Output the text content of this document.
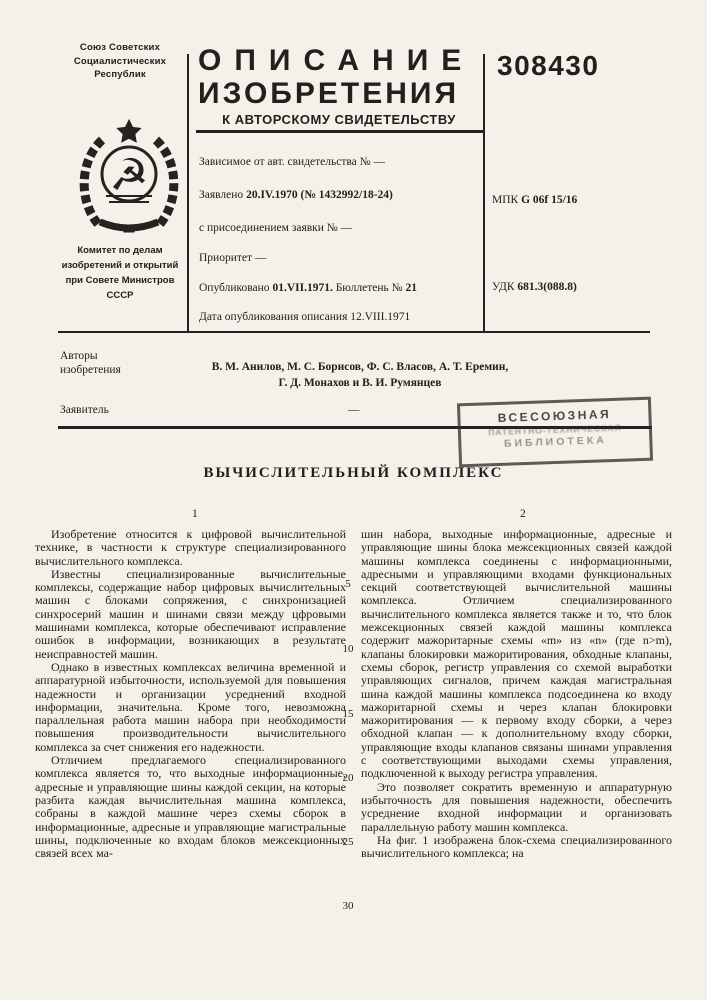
Союз Советских
Социалистических
Республик
☭
Комитет по делам
изобретений и открытий
при Совете Министров
СССР
ОПИСАНИЕ
ИЗОБРЕТЕНИЯ
К АВТОРСКОМУ СВИДЕТЕЛЬСТВУ
Зависимое от авт. свидетельства № —
Заявлено 20.IV.1970 (№ 1432992/18-24)
с присоединением заявки № —
Приоритет —
Опубликовано 01.VII.1971. Бюллетень № 21
Дата опубликования описания 12.VIII.1971
308430
МПК G 06f 15/16
УДК 681.3(088.8)
Авторы
изобретения	В. М. Анилов, М. С. Борисов, Ф. С. Власов, А. Т. Еремин,
Г. Д. Монахов и В. И. Румянцев
Заявитель	—	ВСЕСОЮЗНАЯ
ПАТЕНТНО-ТЕХНИЧЕСКАЯ
БИБЛИОТЕКА
ВЫЧИСЛИТЕЛЬНЫЙ КОМПЛЕКС
1	2

Изобретение относится к цифровой вычислительной технике, в частности к структуре специализированного вычислительного комплекса.

Известны специализированные вычислительные комплексы, содержащие набор цифровых вычислительных машин с блоками сопряжения, с синхронизацией синхросерий машин и шинами связи между цфровыми машинами комплекса, которые обеспечивают исправление ошибок в информации, возникающих в результате неисправностей машин.

Однако в известных комплексах величина временной и аппаратурной избыточности, используемой для повышения надежности и организации усреднений входной информации, значительна. Кроме того, невозможна параллельная работа машин набора при необходимости повышения производительности вычислительного комплекса за счет снижения его надежности.

Отличием предлагаемого специализированного комплекса является то, что выходные информационные, адресные и управляющие шины каждой секции, на которые разбита каждая вычислительная машина комплекса, собраны в каждой машине через схемы сборок в информационные, адресные и управляющие магистральные шины, подключенные ко входам блоков межсекционных связей всех ма-

шин набора, выходные информационные, адресные и управляющие шины блока межсекционных связей каждой машины комплекса соединены с информационными, адресными и управляющими входами функциональных секций соответствующей вычислительной машины комплекса. Отличием специализированного вычислительного комплекса является также и то, что блок межсекционных связей каждой машины комплекса содержит мажоритарные схемы «m» из «n» (где n>m), клапаны блокировки мажоритирования, обходные клапаны, схемы сборок, регистр управления со схемой выработки управляющих сигналов, причем каждая магистральная шина каждой машины комплекса подсоединена ко входу мажоритарной схемы и через клапан блокировки мажоритирования — к первому входу сборки, а через обходной клапан — к дополнительному входу сборки, управляющие входы клапанов связаны шинами управления с соответствующими выходами схемы управления, подключенной к выходу регистра управления.

Это позволяет сократить временную и аппаратурную избыточность для повышения надежности, обеспечить усреднение входной информации и организовать параллельную работу машин комплекса.

На фиг. 1 изображена блок-схема специализированного вычислительного комплекса; на

5
10
15
20
25
30
